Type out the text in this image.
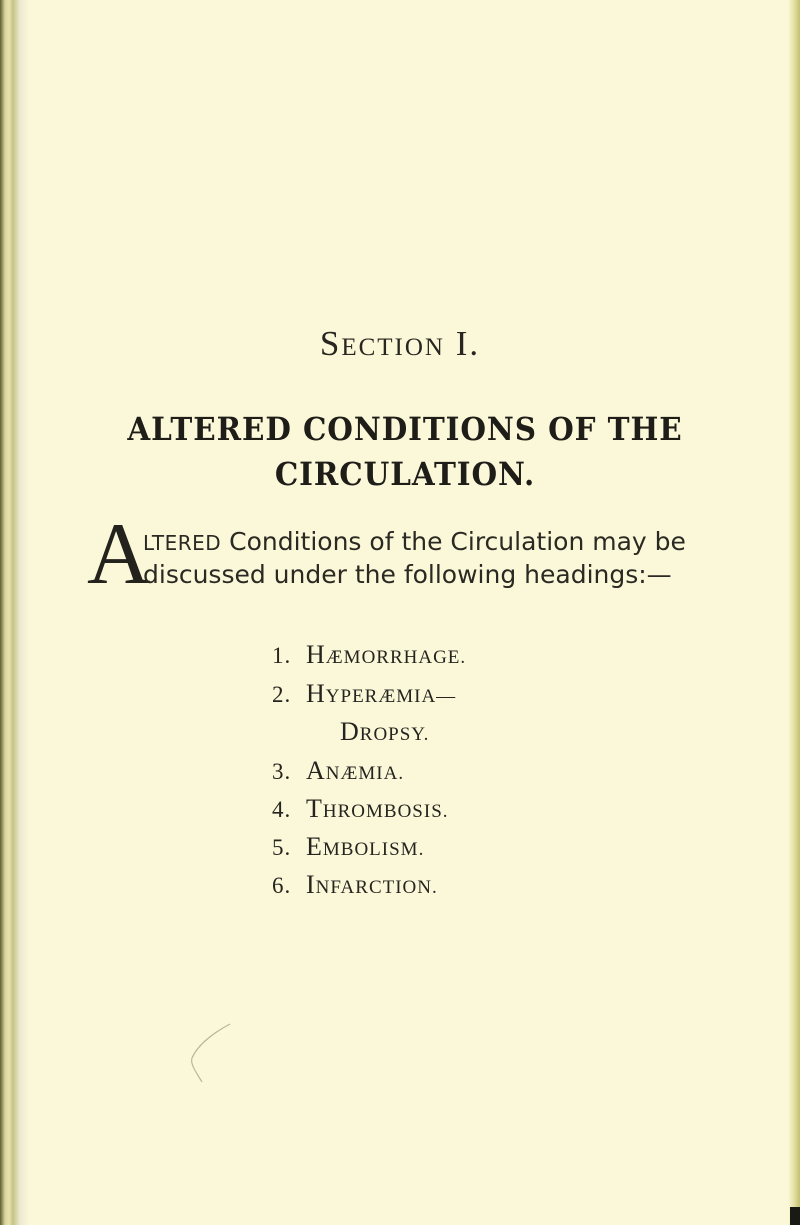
Section I.
ALTERED CONDITIONS OF THE
CIRCULATION.
A
LTERED Conditions of the Circulation may be
discussed under the following headings:—
1. HÆMORRHAGE.
2. HYPERÆMIA—
3. ANÆMIA.
4. THROMBOSIS.
5. EMBOLISM.
6. INFARCTION.
DROPSY.
